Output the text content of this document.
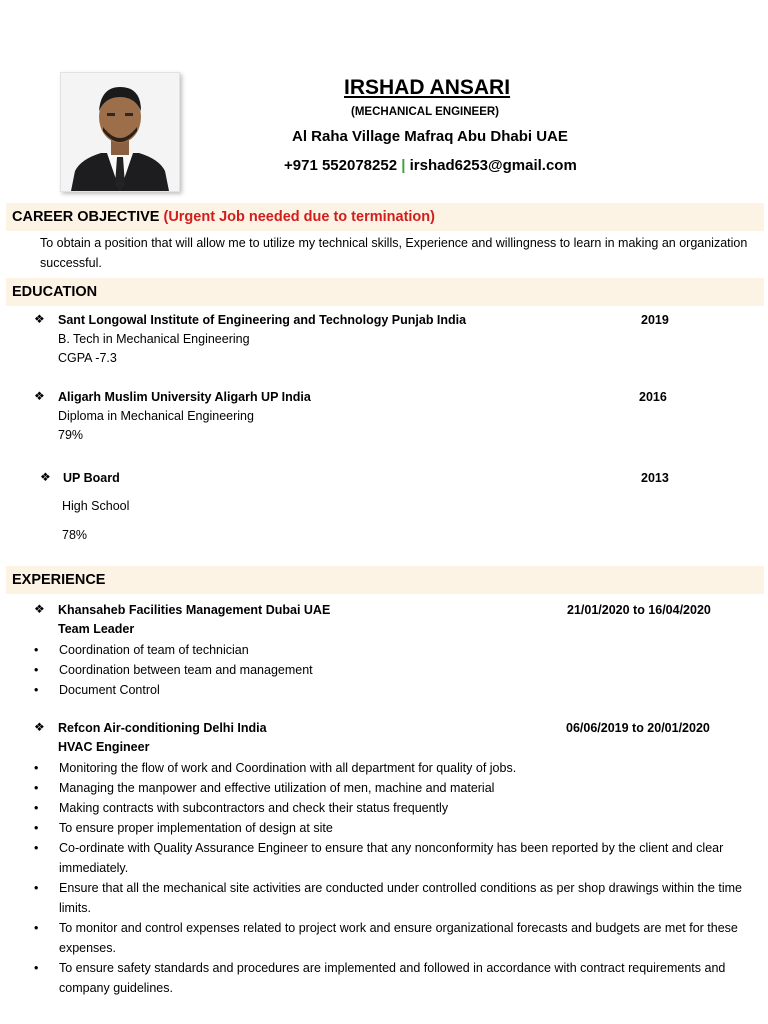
IRSHAD ANSARI
(MECHANICAL ENGINEER)
Al Raha Village Mafraq Abu Dhabi UAE
+971 552078252 | irshad6253@gmail.com
CAREER OBJECTIVE (Urgent Job needed due to termination)
To obtain a position that will allow me to utilize my technical skills, Experience and willingness to learn in making an organization successful.
EDUCATION
❖ Sant Longowal Institute of Engineering and Technology Punjab India	2019
B. Tech in Mechanical Engineering
CGPA -7.3
❖ Aligarh Muslim University Aligarh UP India	2016
Diploma in Mechanical Engineering
79%
❖ UP Board	2013
High School
78%
EXPERIENCE
❖ Khansaheb Facilities Management Dubai UAE	21/01/2020 to 16/04/2020
Team Leader
•	Coordination of team of technician
•	Coordination between team and management
•	Document Control
❖ Refcon Air-conditioning Delhi India	06/06/2019 to 20/01/2020
HVAC Engineer
•	Monitoring the flow of work and Coordination with all department for quality of jobs.
•	Managing the manpower and effective utilization of men, machine and material
•	Making contracts with subcontractors and check their status frequently
•	To ensure proper implementation of design at site
•	Co-ordinate with Quality Assurance Engineer to ensure that any nonconformity has been reported by the client and clear immediately.
•	Ensure that all the mechanical site activities are conducted under controlled conditions as per shop drawings within the time limits.
•	To monitor and control expenses related to project work and ensure organizational forecasts and budgets are met for these expenses.
•	To ensure safety standards and procedures are implemented and followed in accordance with contract requirements and company guidelines.
